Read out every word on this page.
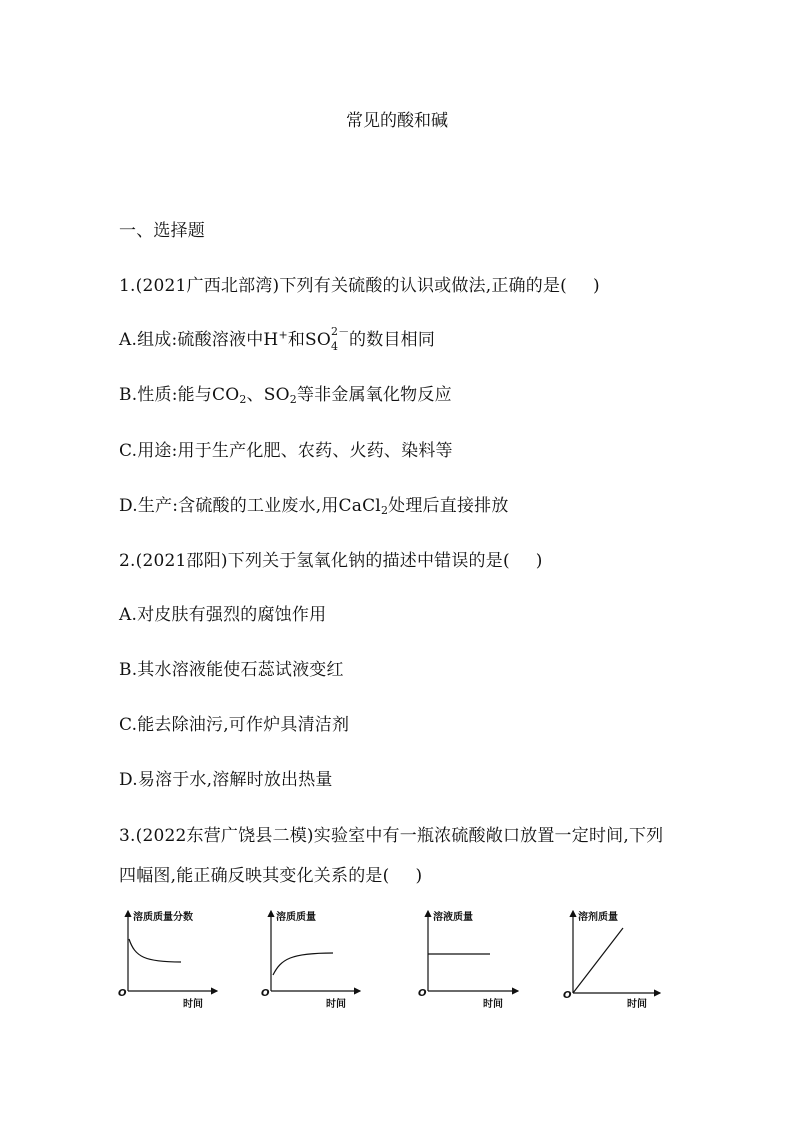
常见的酸和碱
一、选择题
1.(2021广西北部湾)下列有关硫酸的认识或做法,正确的是( )
A.组成:硫酸溶液中H+和SO 2－
4 的数目相同
B.性质:能与$CO_2$、$SO_2$等非金属氧化物反应
C.用途:用于生产化肥、农药、火药、染料等
D.生产:含硫酸的工业废水,用CaCl$_2$处理后直接排放
2.(2021邵阳)下列关于氢氧化钠的描述中错误的是( )
A.对皮肤有强烈的腐蚀作用
B.其水溶液能使石蕊试液变红
C.能去除油污,可作炉具清洁剂
D.易溶于水,溶解时放出热量
3.(2022东营广饶县二模)实验室中有一瓶浓硫酸敞口放置一定时间,下列
四幅图,能正确反映其变化关系的是( )
溶质质量分数
时间
O
溶质质量
时间
O
溶液质量
时间
O
溶剂质量
时间
O
